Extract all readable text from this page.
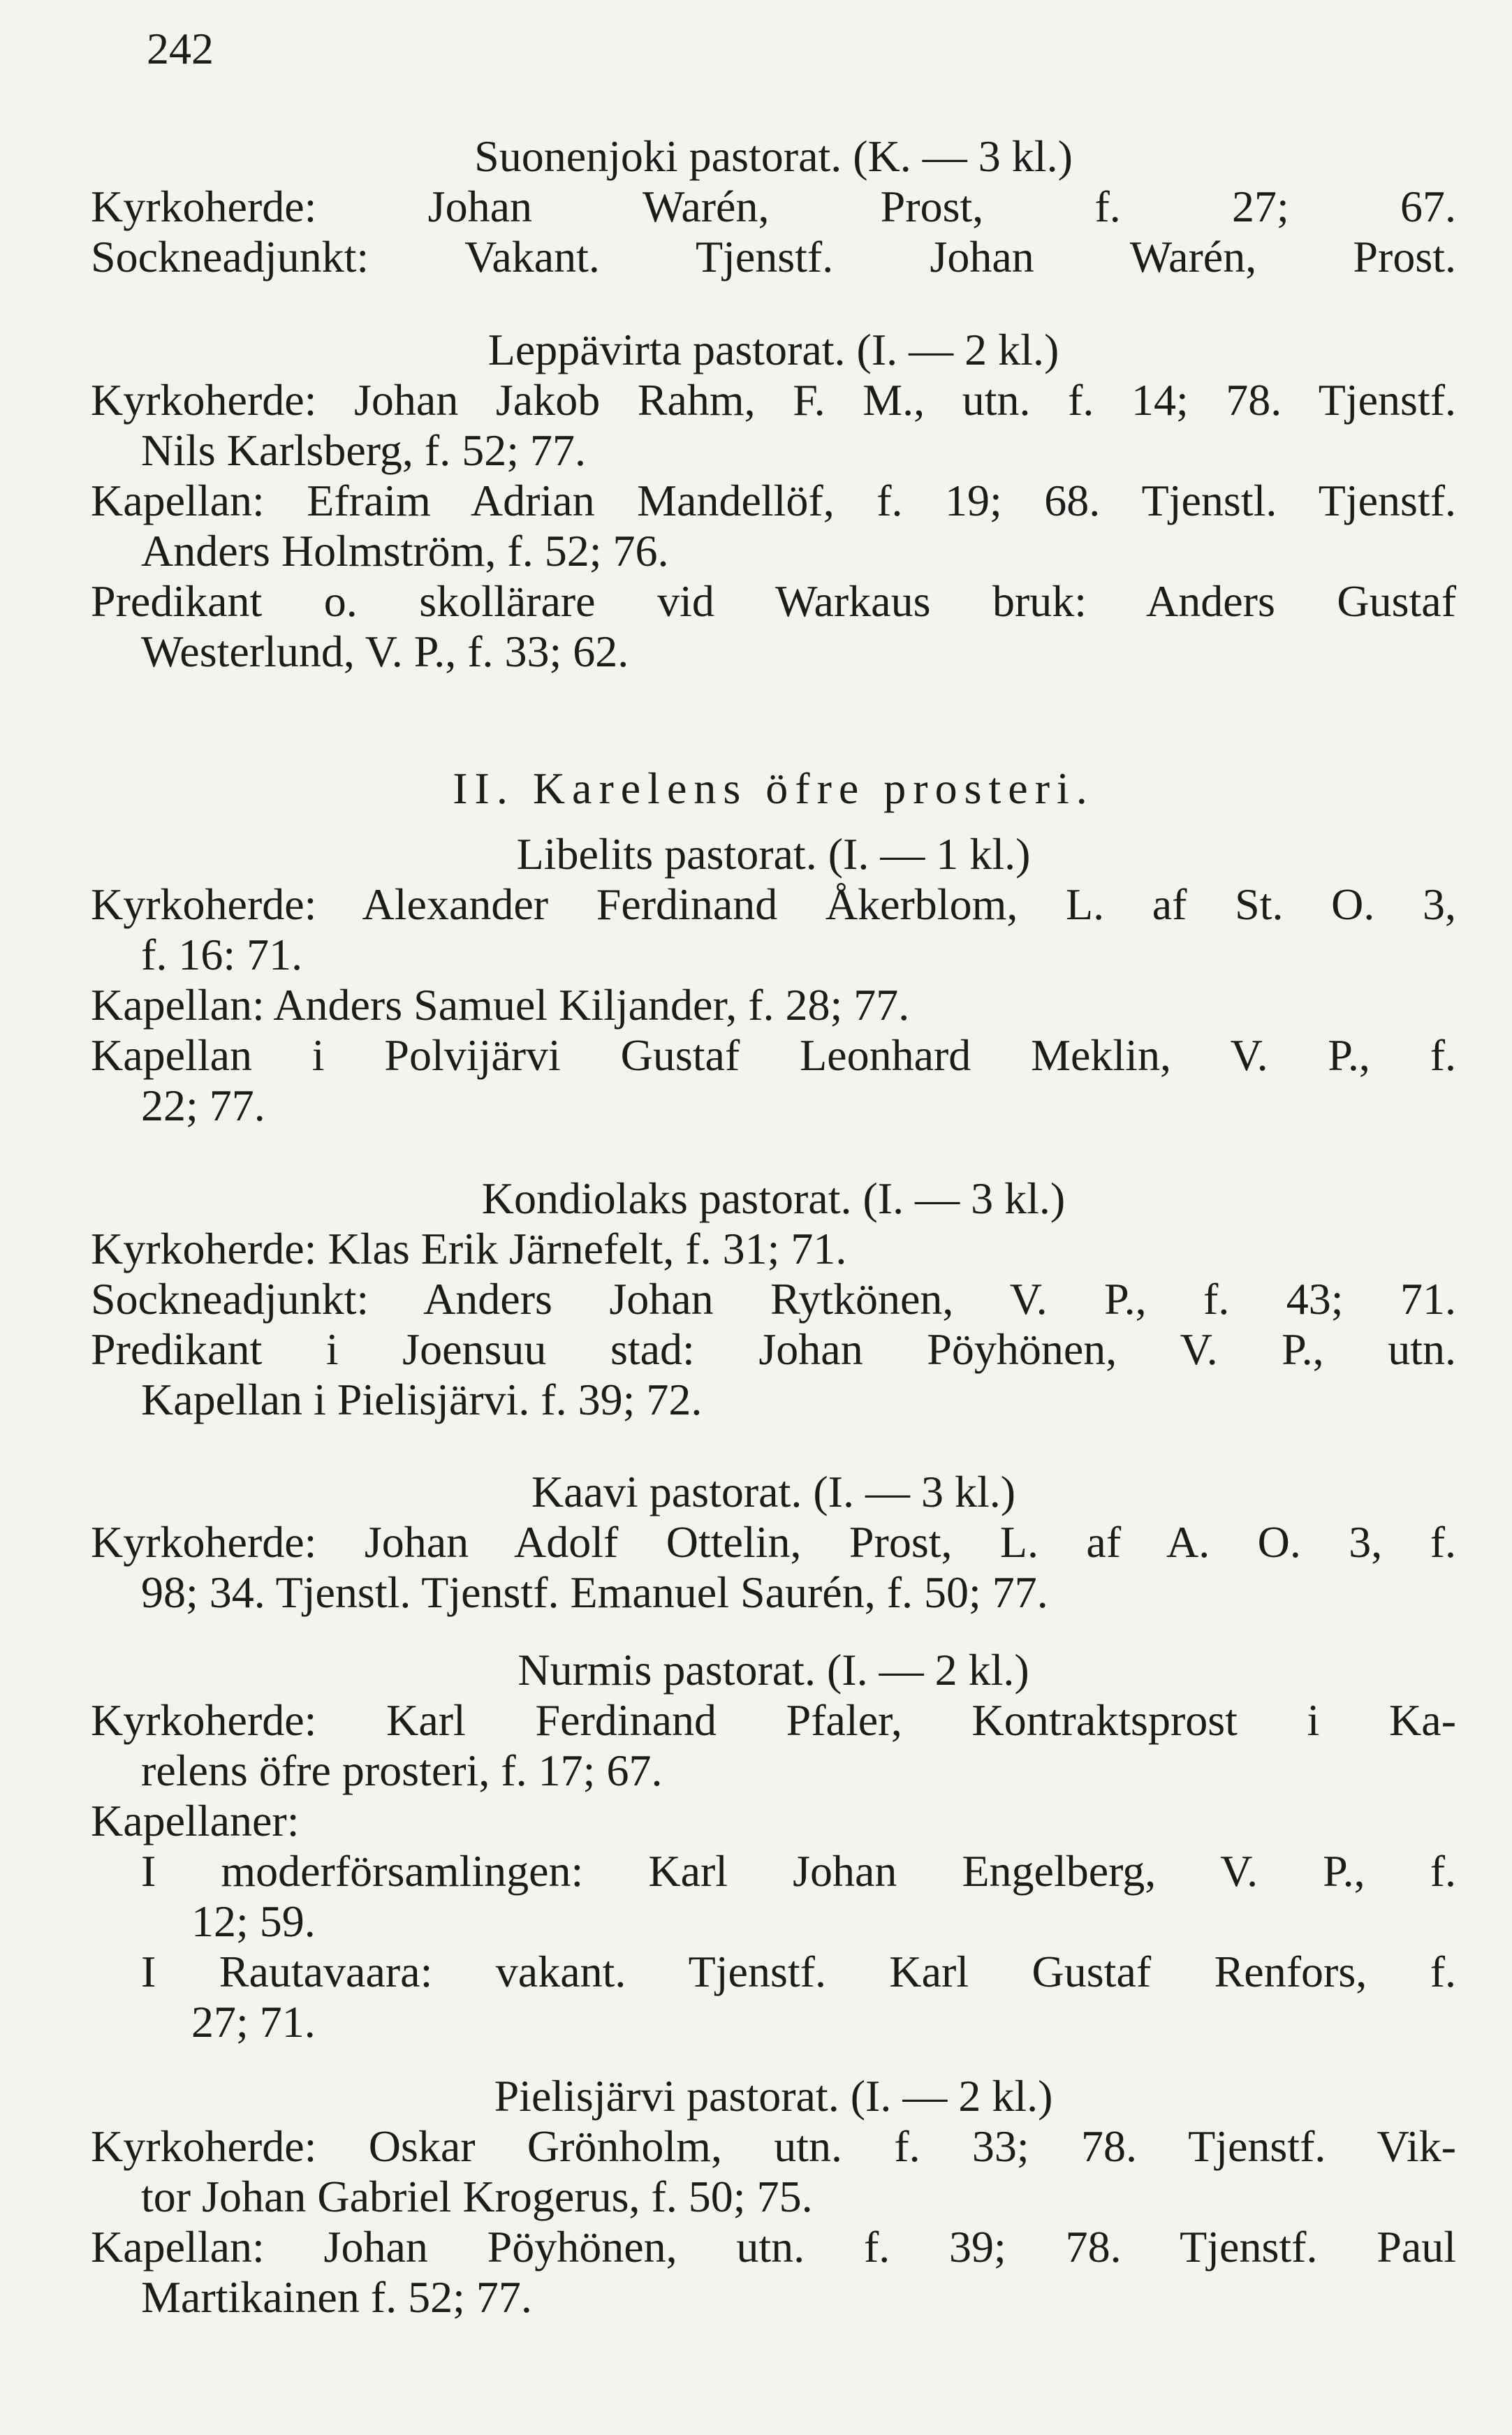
242
Suonenjoki pastorat. (K. — 3 kl.)
Kyrkoherde: Johan Warén, Prost, f. 27; 67.
Sockneadjunkt: Vakant. Tjenstf. Johan Warén, Prost.
Leppävirta pastorat. (I. — 2 kl.)
Kyrkoherde: Johan Jakob Rahm, F. M., utn. f. 14; 78. Tjenstf.
Nils Karlsberg, f. 52; 77.
Kapellan: Efraim Adrian Mandellöf, f. 19; 68. Tjenstl. Tjenstf.
Anders Holmström, f. 52; 76.
Predikant o. skollärare vid Warkaus bruk: Anders Gustaf
Westerlund, V. P., f. 33; 62.
II. Karelens öfre prosteri.
Libelits pastorat. (I. — 1 kl.)
Kyrkoherde: Alexander Ferdinand Åkerblom, L. af St. O. 3,
f. 16: 71.
Kapellan: Anders Samuel Kiljander, f. 28; 77.
Kapellan i Polvijärvi Gustaf Leonhard Meklin, V. P., f.
22; 77.
Kondiolaks pastorat. (I. — 3 kl.)
Kyrkoherde: Klas Erik Järnefelt, f. 31; 71.
Sockneadjunkt: Anders Johan Rytkönen, V. P., f. 43; 71.
Predikant i Joensuu stad: Johan Pöyhönen, V. P., utn.
Kapellan i Pielisjärvi. f. 39; 72.
Kaavi pastorat. (I. — 3 kl.)
Kyrkoherde: Johan Adolf Ottelin, Prost, L. af A. O. 3, f.
98; 34. Tjenstl. Tjenstf. Emanuel Saurén, f. 50; 77.
Nurmis pastorat. (I. — 2 kl.)
Kyrkoherde: Karl Ferdinand Pfaler, Kontraktsprost i Ka-
relens öfre prosteri, f. 17; 67.
Kapellaner:
I moderförsamlingen: Karl Johan Engelberg, V. P., f.
12; 59.
I Rautavaara: vakant. Tjenstf. Karl Gustaf Renfors, f.
27; 71.
Pielisjärvi pastorat. (I. — 2 kl.)
Kyrkoherde: Oskar Grönholm, utn. f. 33; 78. Tjenstf. Vik-
tor Johan Gabriel Krogerus, f. 50; 75.
Kapellan: Johan Pöyhönen, utn. f. 39; 78. Tjenstf. Paul
Martikainen f. 52; 77.
